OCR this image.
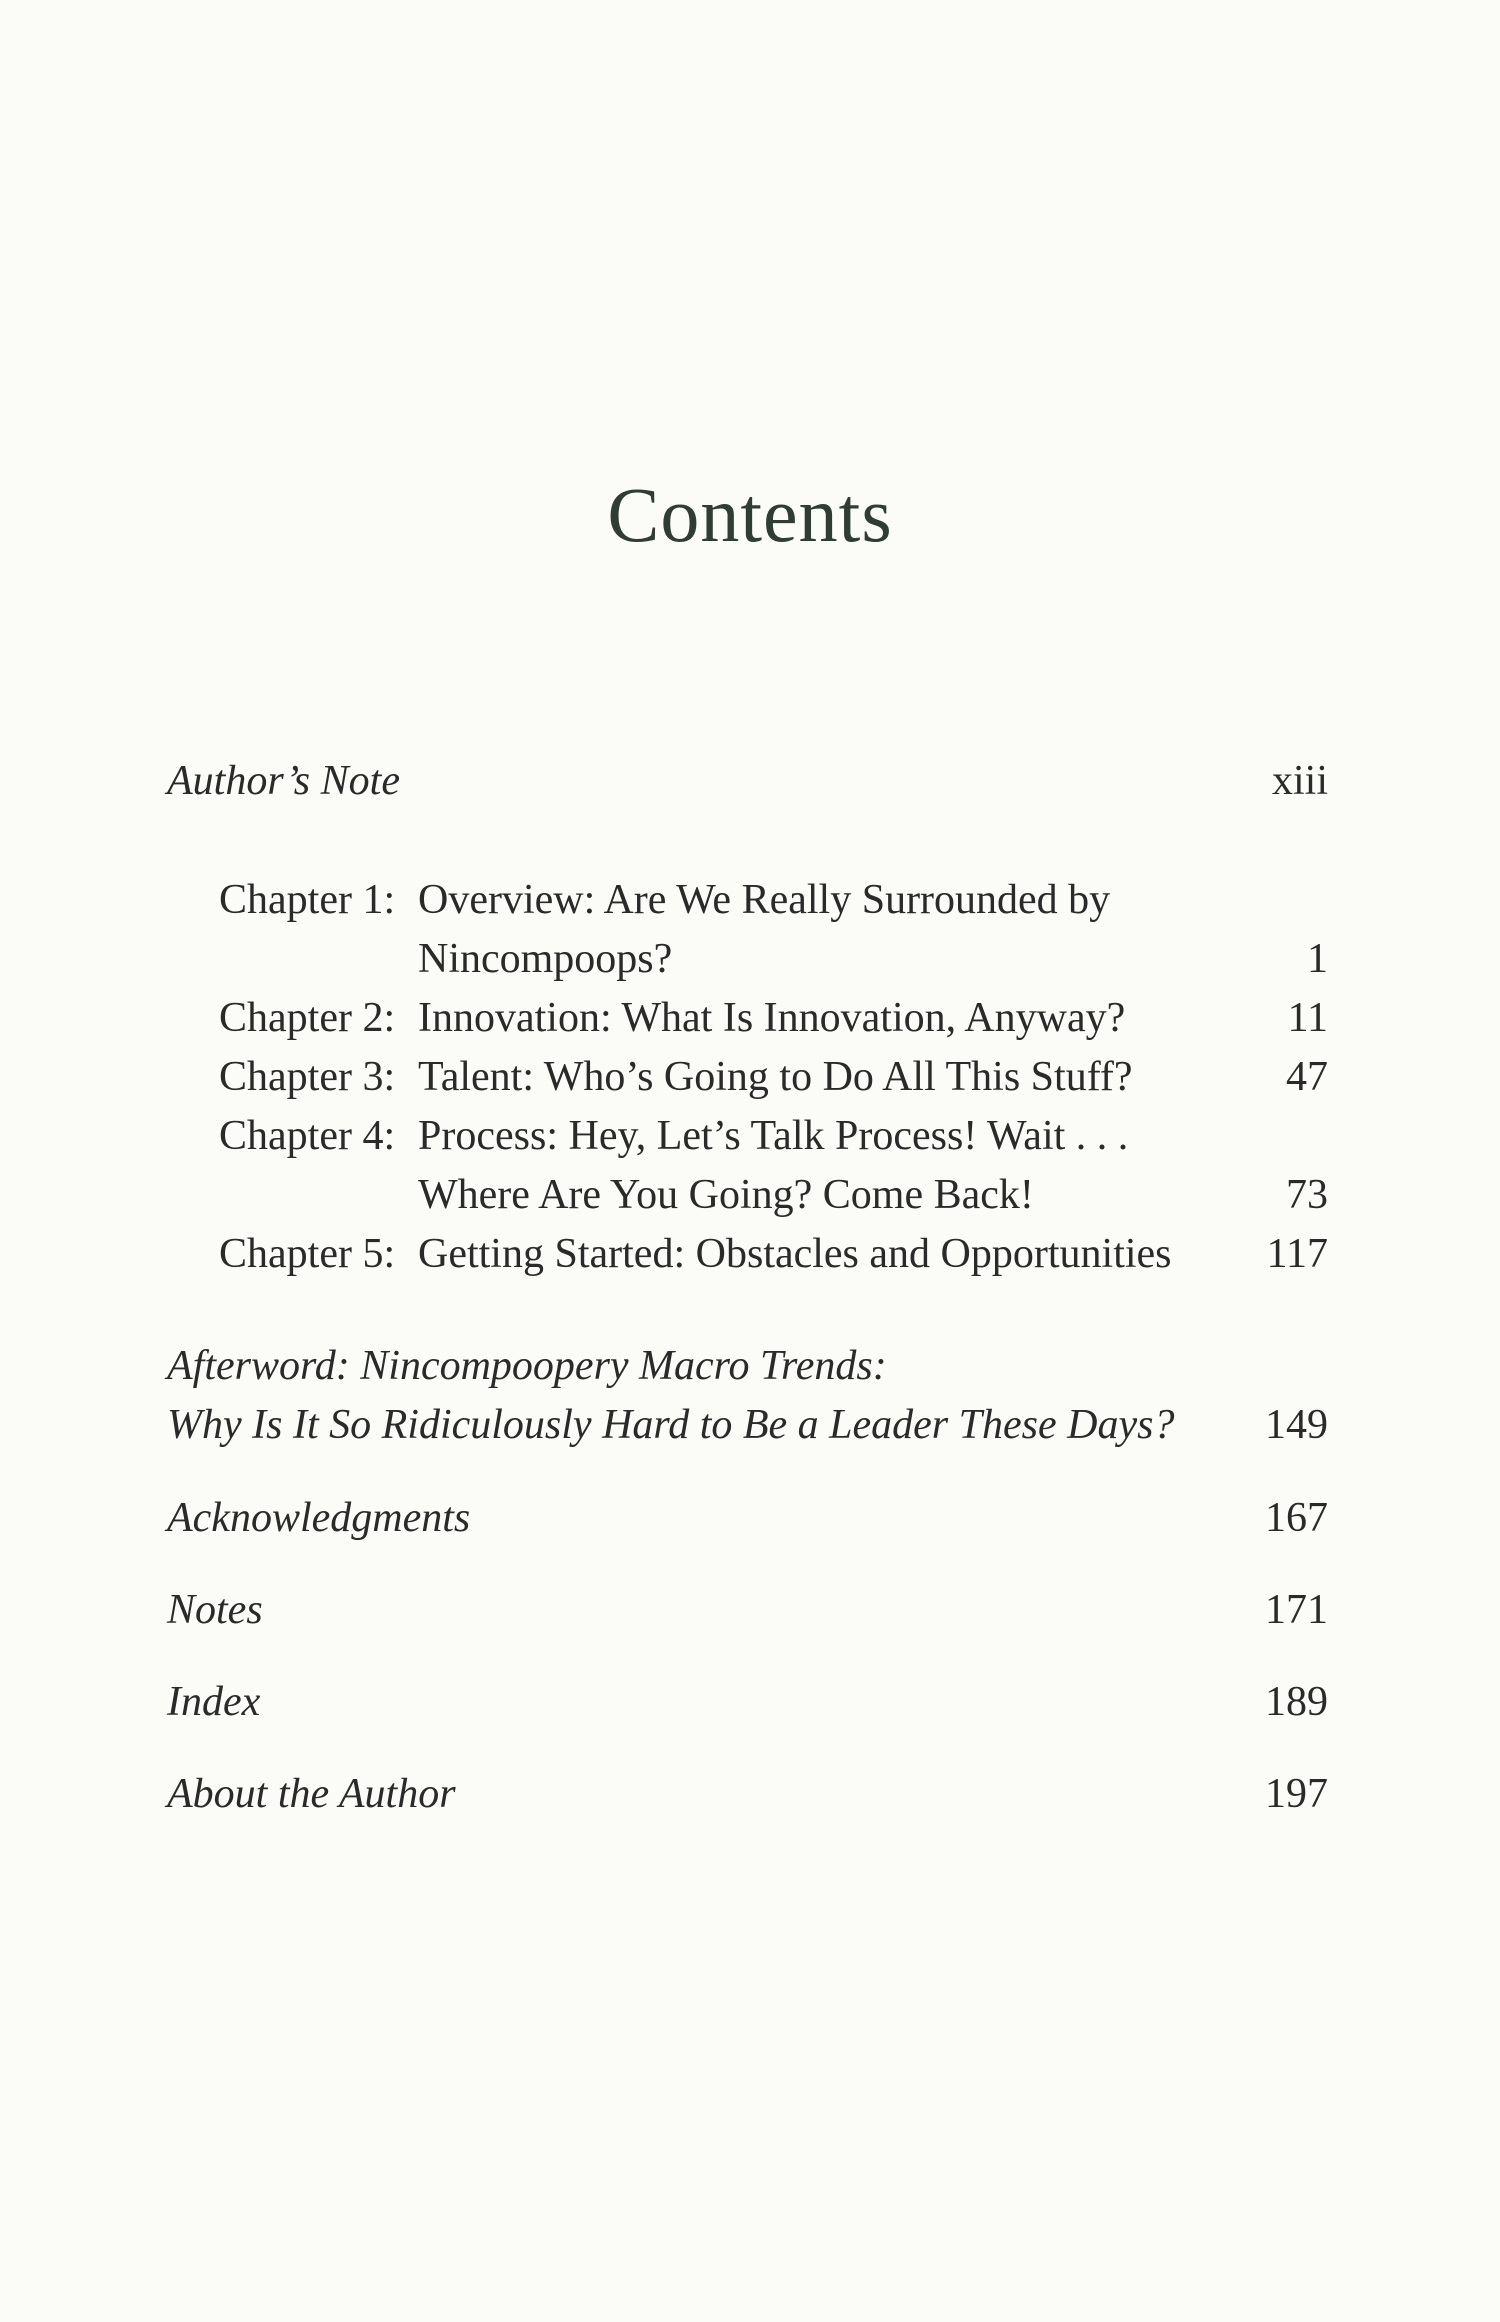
Contents
Author’s Note	xiii
Chapter 1: Overview: Are We Really Surrounded by
Nincompoops?	1
Chapter 2: Innovation: What Is Innovation, Anyway?	11
Chapter 3: Talent: Who’s Going to Do All This Stuff?	47
Chapter 4: Process: Hey, Let’s Talk Process! Wait . . .
Where Are You Going? Come Back!	73
Chapter 5: Getting Started: Obstacles and Opportunities 117
Afterword: Nincompoopery Macro Trends:
Why Is It So Ridiculously Hard to Be a Leader These Days? 149
Acknowledgments	167
Notes	171
Index	189
About the Author	197
